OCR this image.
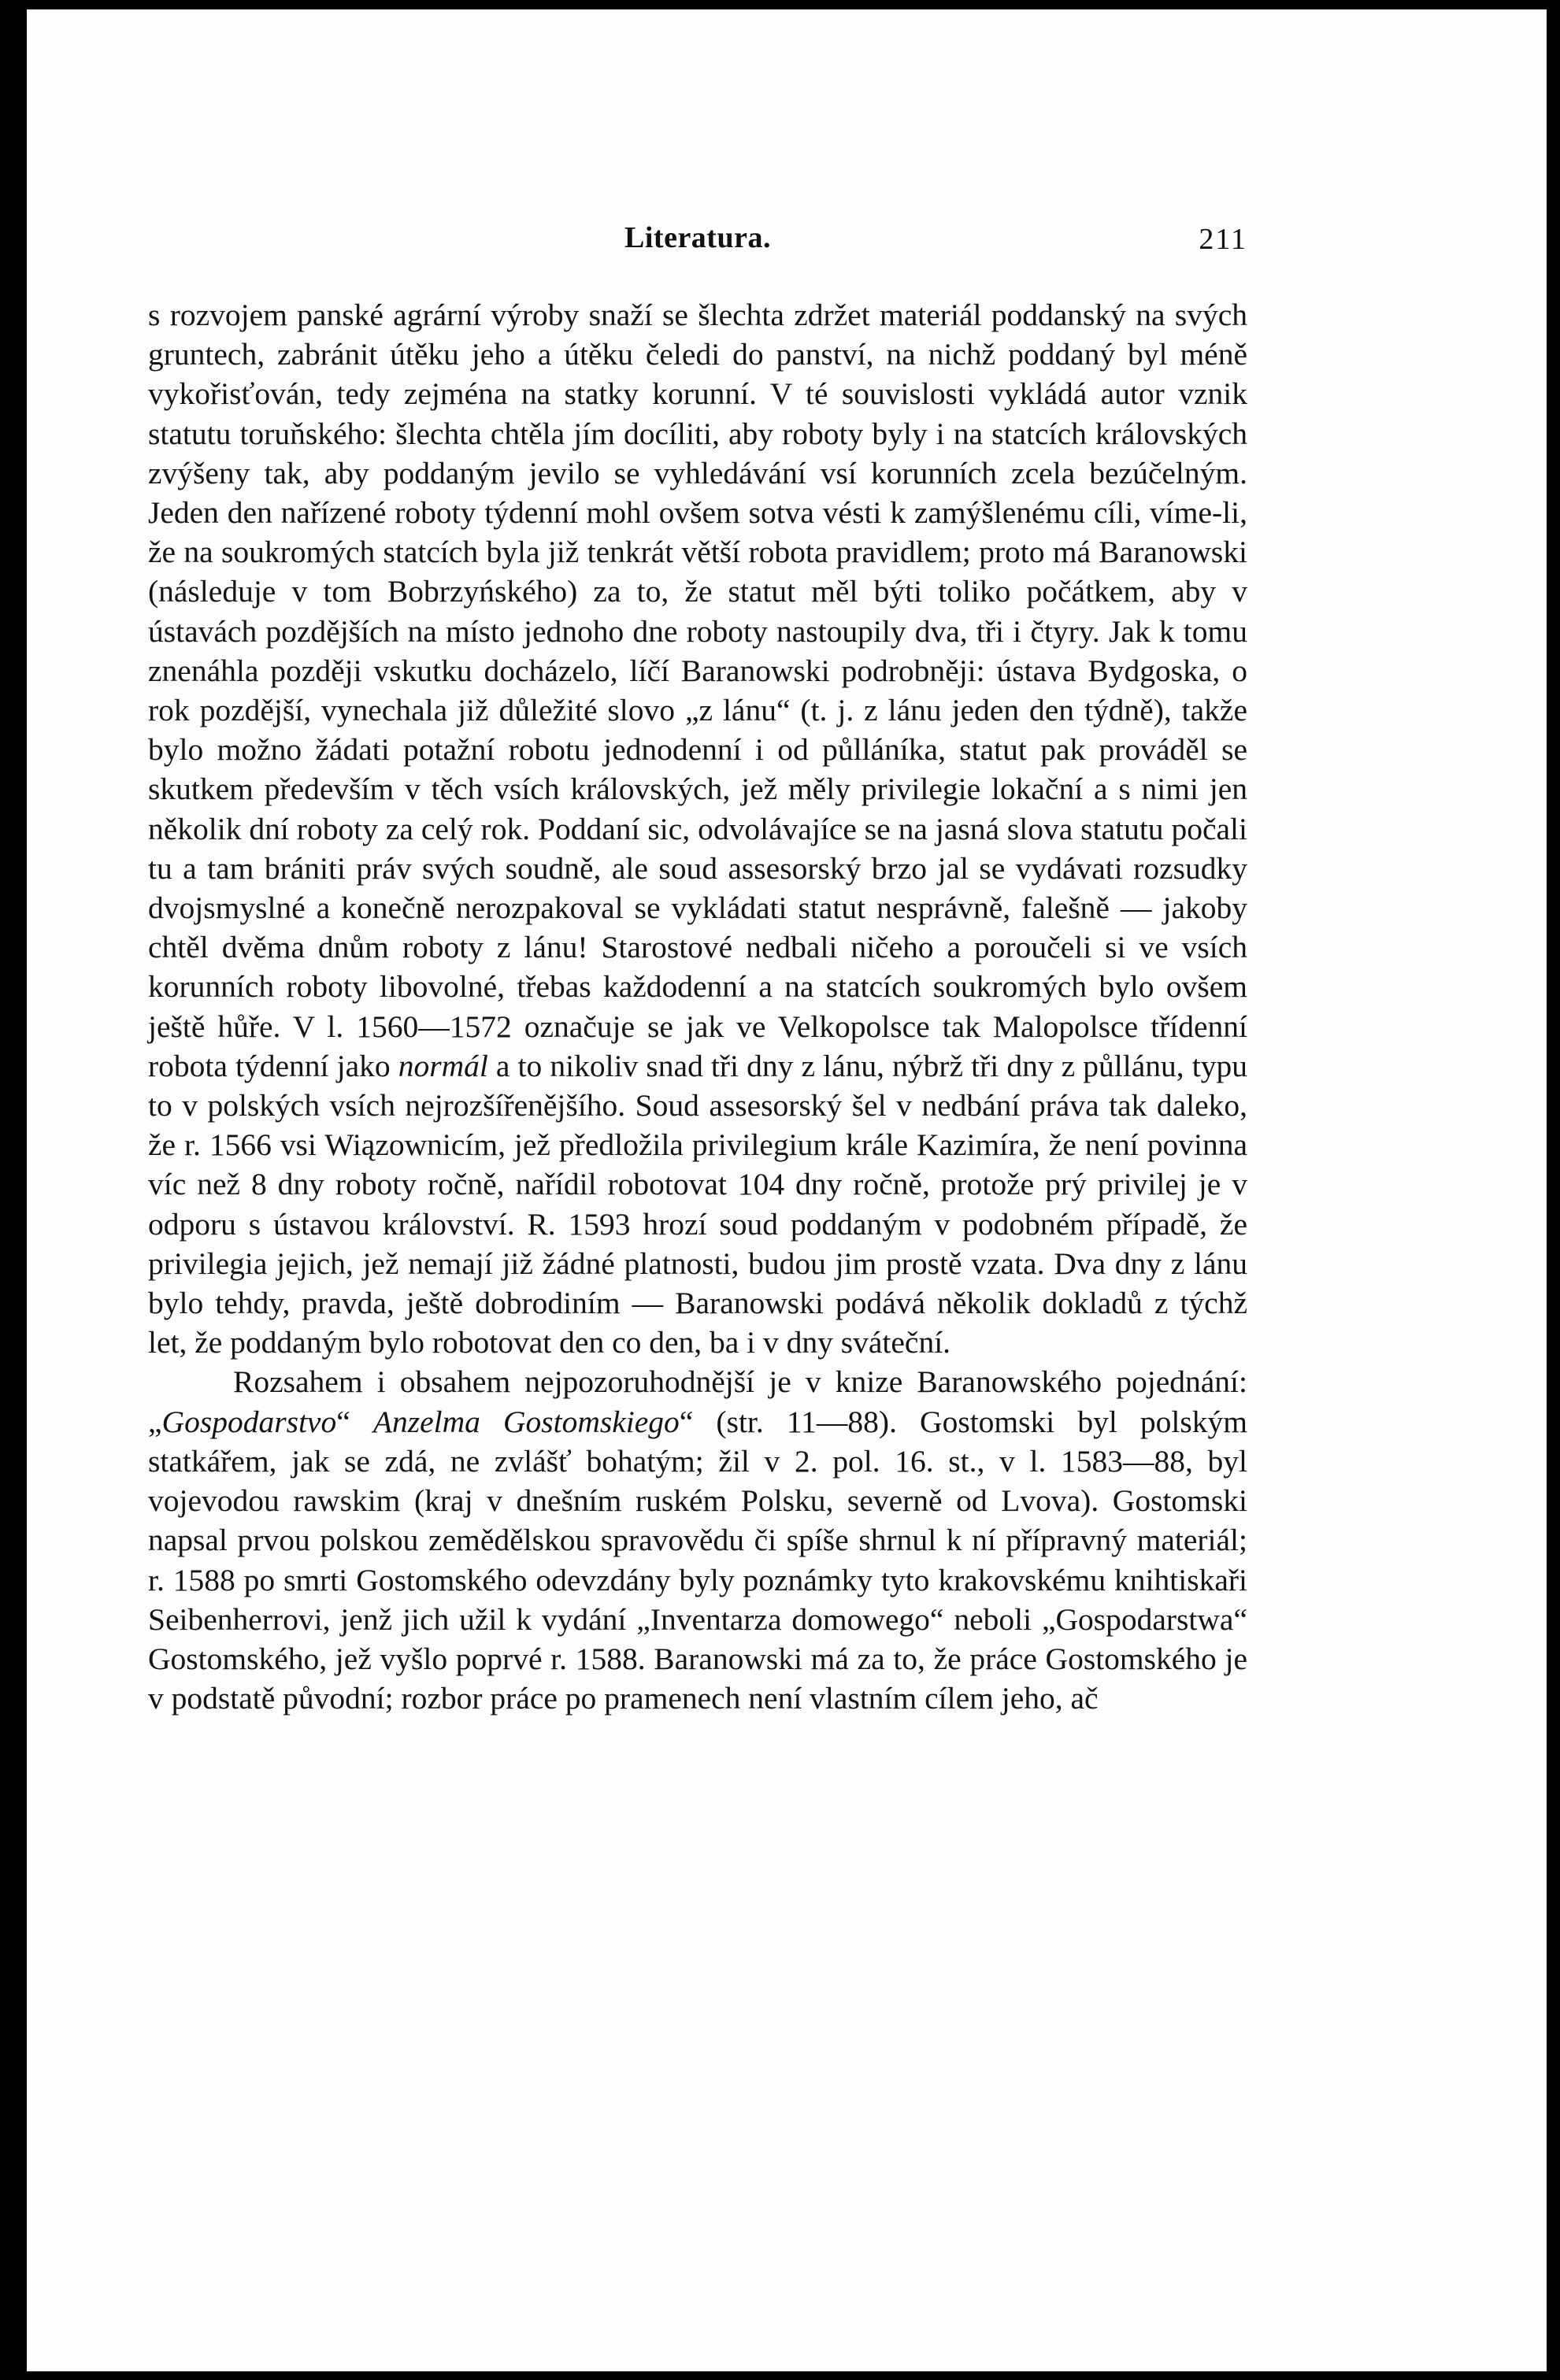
Literatura.	211

s rozvojem panské agrární výroby snaží se šlechta zdržet materiál poddanský na svých gruntech, zabránit útěku jeho a útěku čeledi do panství, na nichž poddaný byl méně vykořisťován, tedy zejména na statky korunní. V té souvislosti vykládá autor vznik statutu toruňského: šlechta chtěla jím docíliti, aby roboty byly i na statcích královských zvýšeny tak, aby poddaným jevilo se vyhledávání vsí korunních zcela bezúčelným. Jeden den nařízené roboty týdenní mohl ovšem sotva vésti k zamýšlenému cíli, víme-li, že na soukromých statcích byla již tenkrát větší robota pravidlem; proto má Baranowski (následuje v tom Bobrzyńského) za to, že statut měl býti toliko počátkem, aby v ústavách pozdějších na místo jednoho dne roboty nastoupily dva, tři i čtyry. Jak k tomu znenáhla později vskutku docházelo, líčí Baranowski podrobněji: ústava Bydgoska, o rok pozdější, vynechala již důležité slovo „z lánu“ (t. j. z lánu jeden den týdně), takže bylo možno žádati potažní robotu jednodenní i od půlláníka, statut pak prováděl se skutkem především v těch vsích královských, jež měly privilegie lokační a s nimi jen několik dní roboty za celý rok. Poddaní sic, odvolávajíce se na jasná slova statutu počali tu a tam brániti práv svých soudně, ale soud assesorský brzo jal se vydávati rozsudky dvojsmyslné a konečně nerozpakoval se vykládati statut nesprávně, falešně — jakoby chtěl dvěma dnům roboty z lánu! Starostové nedbali ničeho a poroučeli si ve vsích korunních roboty libovolné, třebas každodenní a na statcích soukromých bylo ovšem ještě hůře. V l. 1560—1572 označuje se jak ve Velkopolsce tak Malopolsce třídenní robota týdenní jako normál a to nikoliv snad tři dny z lánu, nýbrž tři dny z půllánu, typu to v polských vsích nejrozšířenějšího. Soud assesorský šel v nedbání práva tak daleko, že r. 1566 vsi Wiązownicím, jež předložila privilegium krále Kazimíra, že není povinna víc než 8 dny roboty ročně, nařídil robotovat 104 dny ročně, protože prý privilej je v odporu s ústavou království. R. 1593 hrozí soud poddaným v podobném případě, že privilegia jejich, jež nemají již žádné platnosti, budou jim prostě vzata. Dva dny z lánu bylo tehdy, pravda, ještě dobrodiním — Baranowski podává několik dokladů z týchž let, že poddaným bylo robotovat den co den, ba i v dny sváteční.

Rozsahem i obsahem nejpozoruhodnější je v knize Baranowského pojednání: „Gospodarstvo“ Anzelma Gostomskiego“ (str. 11—88). Gostomski byl polským statkářem, jak se zdá, ne zvlášť bohatým; žil v 2. pol. 16. st., v l. 1583—88, byl vojevodou rawskim (kraj v dnešním ruském Polsku, severně od Lvova). Gostomski napsal prvou polskou zemědělskou spravovědu či spíše shrnul k ní přípravný materiál; r. 1588 po smrti Gostomského odevzdány byly poznámky tyto krakovskému knihtiskaři Seibenherrovi, jenž jich užil k vydání „Inventarza domowego“ neboli „Gospodarstwa“ Gostomského, jež vyšlo poprvé r. 1588. Baranowski má za to, že práce Gostomského je v podstatě původní; rozbor práce po pramenech není vlastním cílem jeho, ač
